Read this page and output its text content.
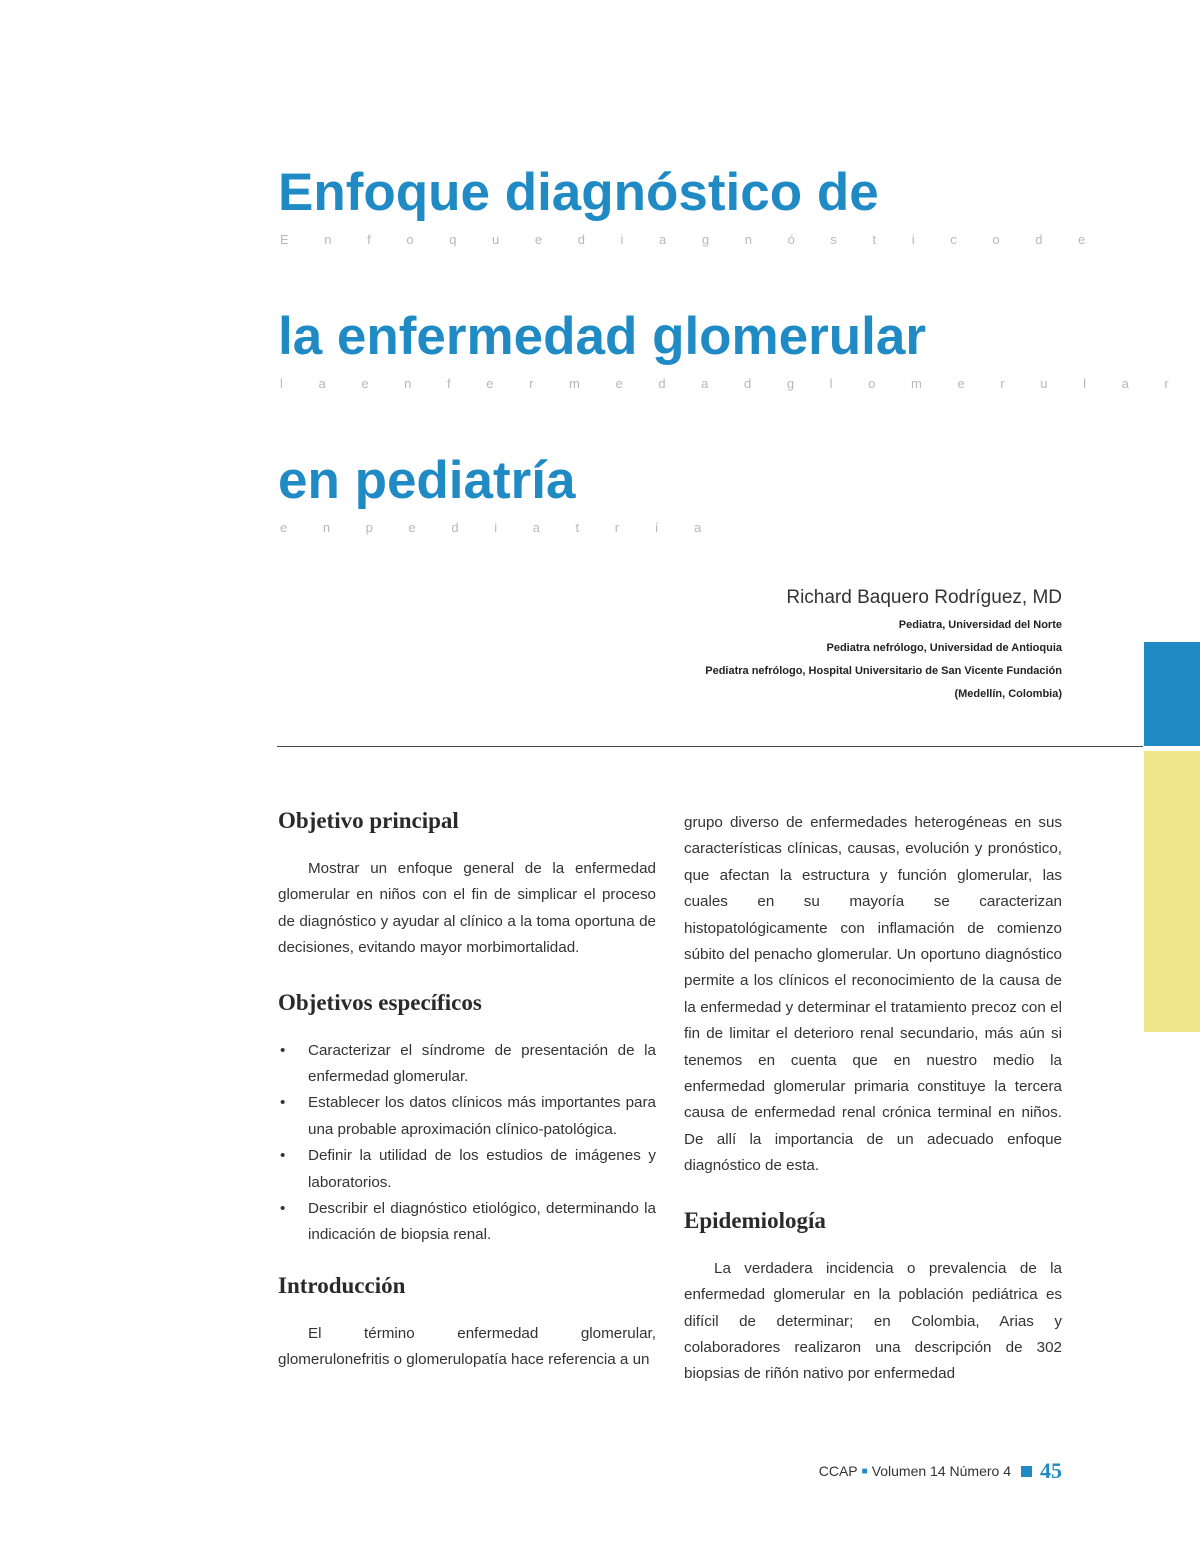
Enfoque diagnóstico de
E n f o q u e d i a g n ó s t i c o d e
la enfermedad glomerular
l a e n f e r m e d a d g l o m e r u l a r
en pediatría
e n p e d i a t r í a

Richard Baquero Rodríguez, MD

Pediatra, Universidad del Norte

Pediatra nefrólogo, Universidad de Antioquia

Pediatra nefrólogo, Hospital Universitario de San Vicente Fundación

(Medellín, Colombia)

Objetivo principal

Mostrar un enfoque general de la enfermedad glomerular en niños con el fin de simplicar el proceso de diagnóstico y ayudar al clínico a la toma oportuna de decisiones, evitando mayor morbimortalidad.

Objetivos específicos
• Caracterizar el síndrome de presentación de la enfermedad glomerular.
• Establecer los datos clínicos más importantes para una probable aproximación clínico-patológica.
• Definir la utilidad de los estudios de imágenes y laboratorios.
• Describir el diagnóstico etiológico, determinando la indicación de biopsia renal.
Introducción

El término enfermedad glomerular, glomerulonefritis o glomerulopatía hace referencia a un

grupo diverso de enfermedades heterogéneas en sus características clínicas, causas, evolución y pronóstico, que afectan la estructura y función glomerular, las cuales en su mayoría se caracterizan histopatológicamente con inflamación de comienzo súbito del penacho glomerular. Un oportuno diagnóstico permite a los clínicos el reconocimiento de la causa de la enfermedad y determinar el tratamiento precoz con el fin de limitar el deterioro renal secundario, más aún si tenemos en cuenta que en nuestro medio la enfermedad glomerular primaria constituye la tercera causa de enfermedad renal crónica terminal en niños. De allí la importancia de un adecuado enfoque diagnóstico de esta.

Epidemiología

La verdadera incidencia o prevalencia de la enfermedad glomerular en la población pediátrica es difícil de determinar; en Colombia, Arias y colaboradores realizaron una descripción de 302 biopsias de riñón nativo por enfermedad

CCAP ■ Volumen 14 Número 4 45
